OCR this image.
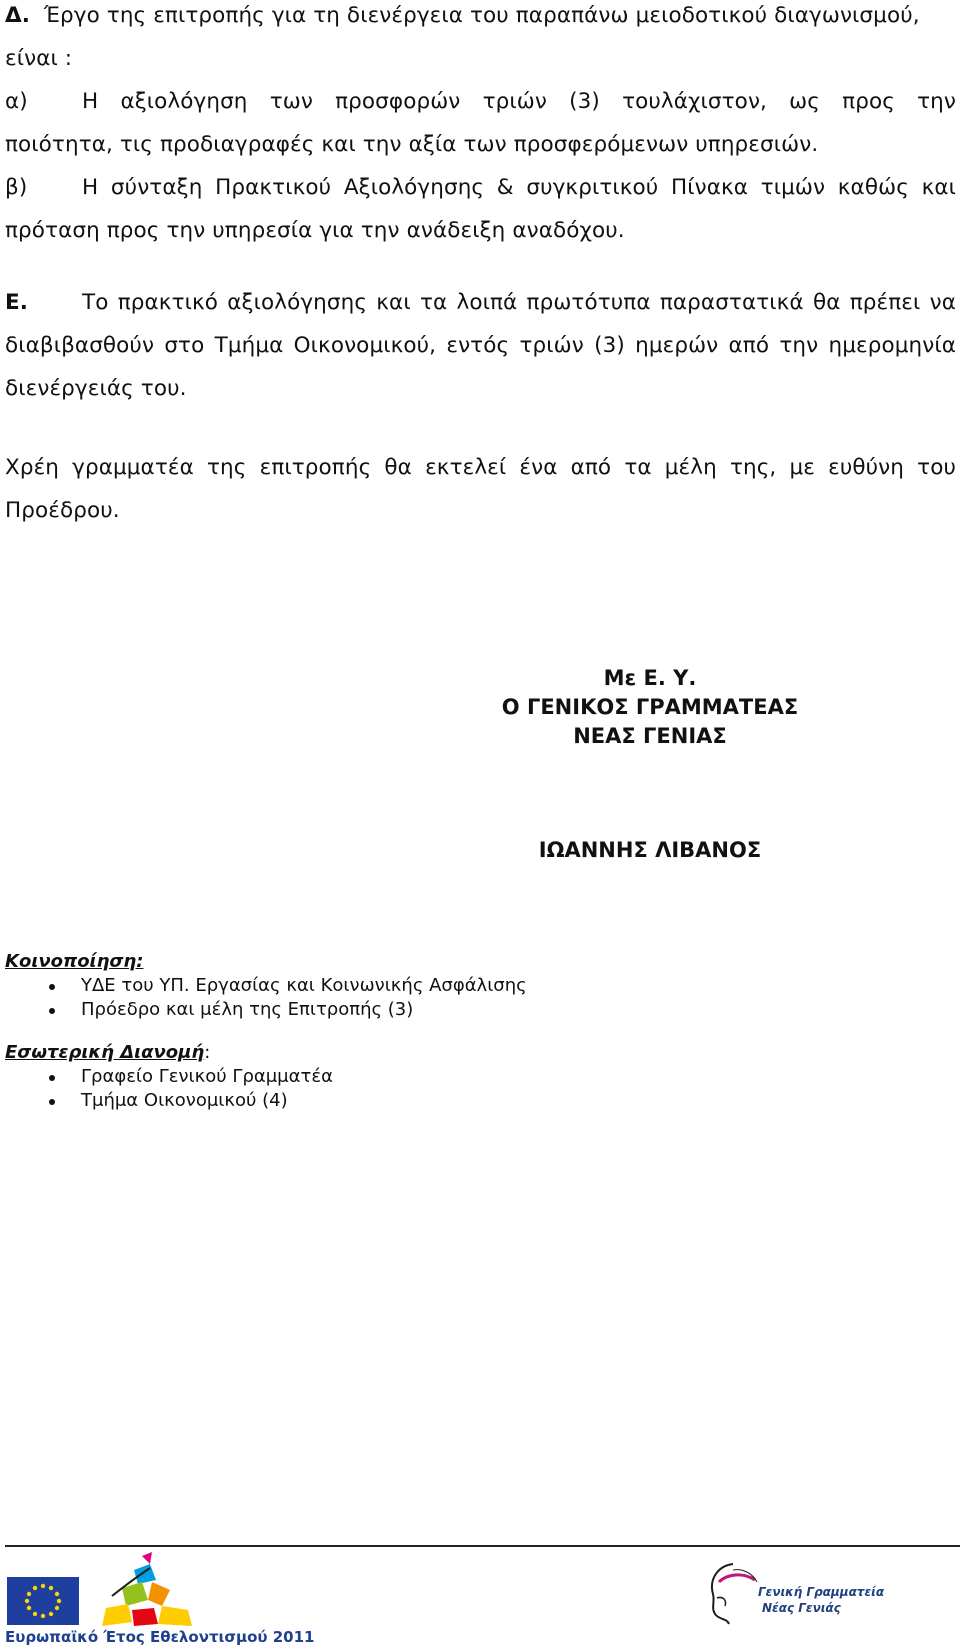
Δ. Έργο της επιτροπής για τη διενέργεια του παραπάνω μειοδοτικού διαγωνισμού,
είναι :
α)	Η αξιολόγηση των προσφορών τριών (3) τουλάχιστον, ως προς την
ποιότητα, τις προδιαγραφές και την αξία των προσφερόμενων υπηρεσιών.
β)	Η σύνταξη Πρακτικού Αξιολόγησης & συγκριτικού Πίνακα τιμών καθώς και
πρόταση προς την υπηρεσία για την ανάδειξη αναδόχου.
Ε.	Το πρακτικό αξιολόγησης και τα λοιπά πρωτότυπα παραστατικά θα πρέπει να
διαβιβασθούν στο Τμήμα Οικονομικού, εντός τριών (3) ημερών από την ημερομηνία
διενέργειάς του.
Χρέη γραμματέα της επιτροπής θα εκτελεί ένα από τα μέλη της, με ευθύνη του
Προέδρου.
Με Ε. Υ.
Ο ΓΕΝΙΚΟΣ ΓΡΑΜΜΑΤΕΑΣ
ΝΕΑΣ ΓΕΝΙΑΣ
ΙΩΑΝΝΗΣ ΛΙΒΑΝΟΣ
Κοινοποίηση:
ΥΔΕ του ΥΠ. Εργασίας και Κοινωνικής Ασφάλισης
Πρόεδρο και μέλη της Επιτροπής (3)
Εσωτερική Διανομή:
Γραφείο Γενικού Γραμματέα
Τμήμα Οικονομικού (4)
Ευρωπαϊκό Έτος Εθελοντισμού 2011
Γενική Γραμματεία
Νέας Γενιάς
